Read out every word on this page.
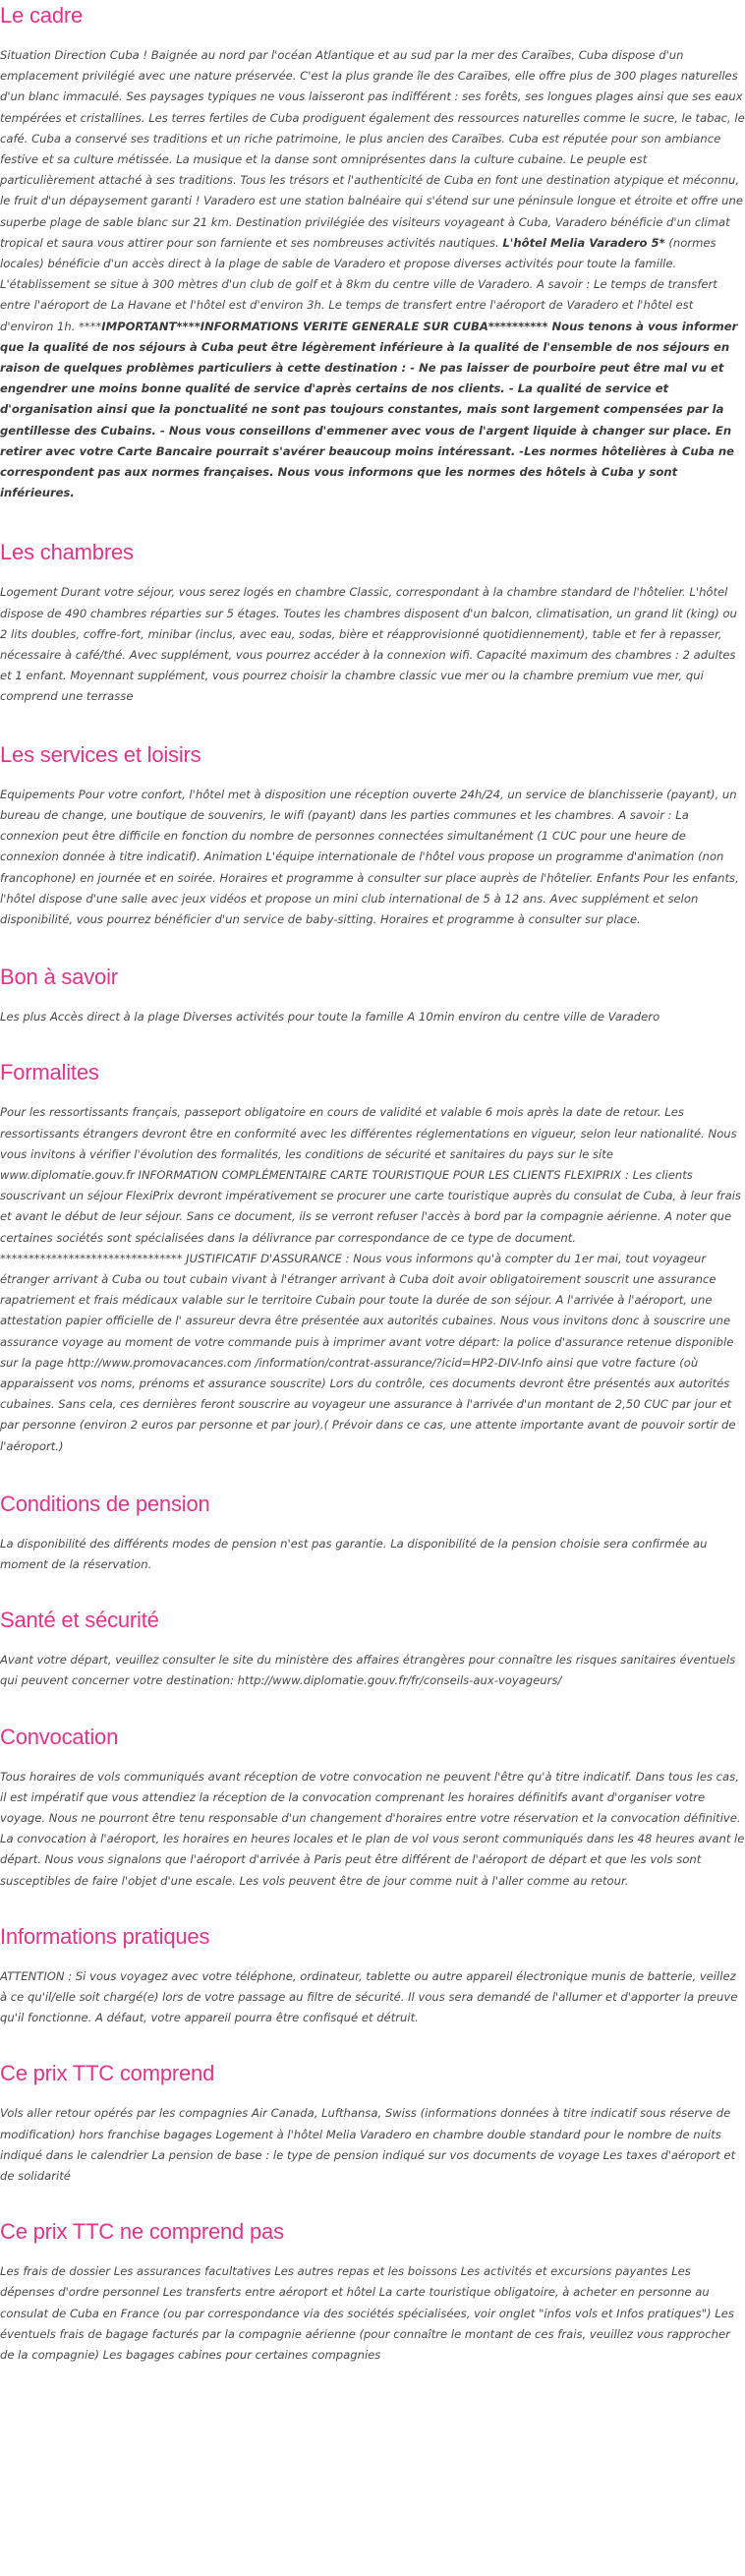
Le cadre

Situation Direction Cuba ! Baignée au nord par l'océan Atlantique et au sud par la mer des Caraïbes, Cuba dispose d'un emplacement privilégié avec une nature préservée. C'est la plus grande île des Caraïbes, elle offre plus de 300 plages naturelles d'un blanc immaculé. Ses paysages typiques ne vous laisseront pas indifférent : ses forêts, ses longues plages ainsi que ses eaux tempérées et cristallines. Les terres fertiles de Cuba prodiguent également des ressources naturelles comme le sucre, le tabac, le café. Cuba a conservé ses traditions et un riche patrimoine, le plus ancien des Caraïbes. Cuba est réputée pour son ambiance festive et sa culture métissée. La musique et la danse sont omniprésentes dans la culture cubaine. Le peuple est particulièrement attaché à ses traditions. Tous les trésors et l'authenticité de Cuba en font une destination atypique et méconnu, le fruit d'un dépaysement garanti ! Varadero est une station balnéaire qui s'étend sur une péninsule longue et étroite et offre une superbe plage de sable blanc sur 21 km. Destination privilégiée des visiteurs voyageant à Cuba, Varadero bénéficie d'un climat tropical et saura vous attirer pour son farniente et ses nombreuses activités nautiques. L'hôtel Melia Varadero 5* (normes locales) bénéficie d'un accès direct à la plage de sable de Varadero et propose diverses activités pour toute la famille. L'établissement se situe à 300 mètres d'un club de golf et à 8km du centre ville de Varadero. A savoir : Le temps de transfert entre l'aéroport de La Havane et l'hôtel est d'environ 3h. Le temps de transfert entre l'aéroport de Varadero et l'hôtel est d'environ 1h. ****IMPORTANT****INFORMATIONS VERITE GENERALE SUR CUBA********** Nous tenons à vous informer que la qualité de nos séjours à Cuba peut être légèrement inférieure à la qualité de l'ensemble de nos séjours en raison de quelques problèmes particuliers à cette destination : - Ne pas laisser de pourboire peut être mal vu et engendrer une moins bonne qualité de service d'après certains de nos clients. - La qualité de service et d'organisation ainsi que la ponctualité ne sont pas toujours constantes, mais sont largement compensées par la gentillesse des Cubains. - Nous vous conseillons d'emmener avec vous de l'argent liquide à changer sur place. En retirer avec votre Carte Bancaire pourrait s'avérer beaucoup moins intéressant. -Les normes hôtelières à Cuba ne correspondent pas aux normes françaises. Nous vous informons que les normes des hôtels à Cuba y sont inférieures.

Les chambres

Logement Durant votre séjour, vous serez logés en chambre Classic, correspondant à la chambre standard de l'hôtelier. L'hôtel dispose de 490 chambres réparties sur 5 étages. Toutes les chambres disposent d'un balcon, climatisation, un grand lit (king) ou 2 lits doubles, coffre-fort, minibar (inclus, avec eau, sodas, bière et réapprovisionné quotidiennement), table et fer à repasser, nécessaire à café/thé. Avec supplément, vous pourrez accéder à la connexion wifi. Capacité maximum des chambres : 2 adultes et 1 enfant. Moyennant supplément, vous pourrez choisir la chambre classic vue mer ou la chambre premium vue mer, qui comprend une terrasse

Les services et loisirs

Equipements Pour votre confort, l'hôtel met à disposition une réception ouverte 24h/24, un service de blanchisserie (payant), un bureau de change, une boutique de souvenirs, le wifi (payant) dans les parties communes et les chambres. A savoir : La connexion peut être difficile en fonction du nombre de personnes connectées simultanément (1 CUC pour une heure de connexion donnée à titre indicatif). Animation L'équipe internationale de l'hôtel vous propose un programme d'animation (non francophone) en journée et en soirée. Horaires et programme à consulter sur place auprès de l'hôtelier. Enfants Pour les enfants, l'hôtel dispose d'une salle avec jeux vidéos et propose un mini club international de 5 à 12 ans. Avec supplément et selon disponibilité, vous pourrez bénéficier d'un service de baby-sitting. Horaires et programme à consulter sur place.

Bon à savoir

Les plus Accès direct à la plage Diverses activités pour toute la famille A 10min environ du centre ville de Varadero

Formalites

Pour les ressortissants français, passeport obligatoire en cours de validité et valable 6 mois après la date de retour. Les ressortissants étrangers devront être en conformité avec les différentes réglementations en vigueur, selon leur nationalité. Nous vous invitons à vérifier l'évolution des formalités, les conditions de sécurité et sanitaires du pays sur le site www.diplomatie.gouv.fr INFORMATION COMPLÉMENTAIRE CARTE TOURISTIQUE POUR LES CLIENTS FLEXIPRIX : Les clients souscrivant un séjour FlexiPrix devront impérativement se procurer une carte touristique auprès du consulat de Cuba, à leur frais et avant le début de leur séjour. Sans ce document, ils se verront refuser l'accès à bord par la compagnie aérienne. A noter que certaines sociétés sont spécialisées dans la délivrance par correspondance de ce type de document. ******************************** JUSTIFICATIF D'ASSURANCE : Nous vous informons qu'à compter du 1er mai, tout voyageur étranger arrivant à Cuba ou tout cubain vivant à l'étranger arrivant à Cuba doit avoir obligatoirement souscrit une assurance rapatriement et frais médicaux valable sur le territoire Cubain pour toute la durée de son séjour. A l'arrivée à l'aéroport, une attestation papier officielle de l' assureur devra être présentée aux autorités cubaines. Nous vous invitons donc à souscrire une assurance voyage au moment de votre commande puis à imprimer avant votre départ: la police d'assurance retenue disponible sur la page http://www.promovacances.com /information/contrat-assurance/?icid=HP2-DIV-Info ainsi que votre facture (où apparaissent vos noms, prénoms et assurance souscrite) Lors du contrôle, ces documents devront être présentés aux autorités cubaines. Sans cela, ces dernières feront souscrire au voyageur une assurance à l'arrivée d'un montant de 2,50 CUC par jour et par personne (environ 2 euros par personne et par jour).( Prévoir dans ce cas, une attente importante avant de pouvoir sortir de l'aéroport.)

Conditions de pension

La disponibilité des différents modes de pension n'est pas garantie. La disponibilité de la pension choisie sera confirmée au moment de la réservation.

Santé et sécurité

Avant votre départ, veuillez consulter le site du ministère des affaires étrangères pour connaître les risques sanitaires éventuels qui peuvent concerner votre destination: http://www.diplomatie.gouv.fr/fr/conseils-aux-voyageurs/

Convocation

Tous horaires de vols communiqués avant réception de votre convocation ne peuvent l'être qu'à titre indicatif. Dans tous les cas, il est impératif que vous attendiez la réception de la convocation comprenant les horaires définitifs avant d'organiser votre voyage. Nous ne pourront être tenu responsable d'un changement d'horaires entre votre réservation et la convocation définitive. La convocation à l'aéroport, les horaires en heures locales et le plan de vol vous seront communiqués dans les 48 heures avant le départ. Nous vous signalons que l'aéroport d'arrivée à Paris peut être différent de l'aéroport de départ et que les vols sont susceptibles de faire l'objet d'une escale. Les vols peuvent être de jour comme nuit à l'aller comme au retour.

Informations pratiques

ATTENTION : Si vous voyagez avec votre téléphone, ordinateur, tablette ou autre appareil électronique munis de batterie, veillez à ce qu'il/elle soit chargé(e) lors de votre passage au filtre de sécurité. Il vous sera demandé de l'allumer et d'apporter la preuve qu'il fonctionne. A défaut, votre appareil pourra être confisqué et détruit.

Ce prix TTC comprend

Vols aller retour opérés par les compagnies Air Canada, Lufthansa, Swiss (informations données à titre indicatif sous réserve de modification) hors franchise bagages Logement à l'hôtel Melia Varadero en chambre double standard pour le nombre de nuits indiqué dans le calendrier La pension de base : le type de pension indiqué sur vos documents de voyage Les taxes d'aéroport et de solidarité

Ce prix TTC ne comprend pas

Les frais de dossier Les assurances facultatives Les autres repas et les boissons Les activités et excursions payantes Les dépenses d'ordre personnel Les transferts entre aéroport et hôtel La carte touristique obligatoire, à acheter en personne au consulat de Cuba en France (ou par correspondance via des sociétés spécialisées, voir onglet "infos vols et Infos pratiques") Les éventuels frais de bagage facturés par la compagnie aérienne (pour connaître le montant de ces frais, veuillez vous rapprocher de la compagnie) Les bagages cabines pour certaines compagnies
